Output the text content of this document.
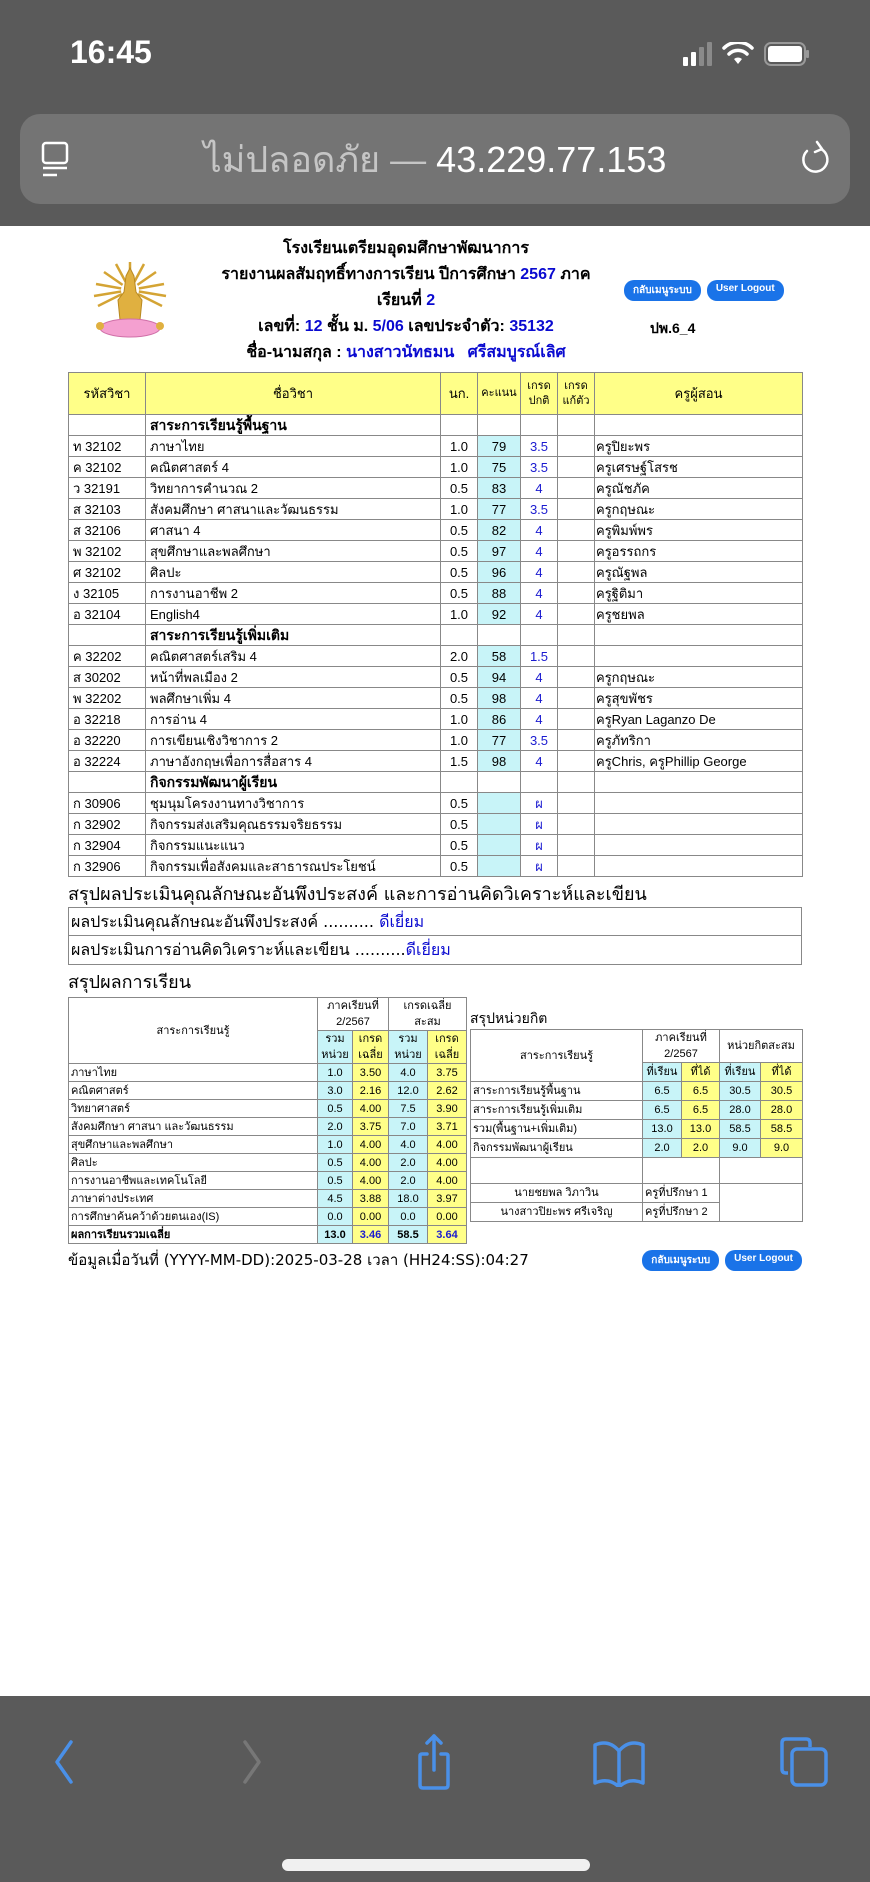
16:45
ไม่ปลอดภัย — 43.229.77.153
โรงเรียนเตรียมอุดมศึกษาพัฒนาการ
รายงานผลสัมฤทธิ์ทางการเรียน ปีการศึกษา 2567 ภาค
เรียนที่ 2
เลขที่: 12 ชั้น ม. 5/06 เลขประจำตัว: 35132
ชื่อ-นามสกุล : นางสาวนัทธมน   ศรีสมบูรณ์เลิศ
กลับเมนูระบบ	User Logout
ปพ.6_4
รหัสวิชา	ชื่อวิชา	นก.	คะแนน	เกรด ปกติ	เกรด แก้ตัว	ครูผู้สอน
	สาระการเรียนรู้พื้นฐาน					
ท 32102	ภาษาไทย	1.0	79	3.5		ครูปิยะพร
ค 32102	คณิตศาสตร์ 4	1.0	75	3.5		ครูเศรษฐ์โสรช
ว 32191	วิทยาการคำนวณ 2	0.5	83	4		ครูณัชภัค
ส 32103	สังคมศึกษา ศาสนาและวัฒนธรรม	1.0	77	3.5		ครูกฤษณะ
ส 32106	ศาสนา 4	0.5	82	4		ครูพิมพ์พร
พ 32102	สุขศึกษาและพลศึกษา	0.5	97	4		ครูอรรถกร
ศ 32102	ศิลปะ	0.5	96	4		ครูณัฐพล
ง 32105	การงานอาชีพ 2	0.5	88	4		ครูฐิติมา
อ 32104	English4	1.0	92	4		ครูชยพล
	สาระการเรียนรู้เพิ่มเติม					
ค 32202	คณิตศาสตร์เสริม 4	2.0	58	1.5		
ส 30202	หน้าที่พลเมือง 2	0.5	94	4		ครูกฤษณะ
พ 32202	พลศึกษาเพิ่ม 4	0.5	98	4		ครูสุขพัชร
อ 32218	การอ่าน 4	1.0	86	4		ครูRyan Laganzo De
อ 32220	การเขียนเชิงวิชาการ 2	1.0	77	3.5		ครูภัทริกา
อ 32224	ภาษาอังกฤษเพื่อการสื่อสาร 4	1.5	98	4		ครูChris, ครูPhillip George
	กิจกรรมพัฒนาผู้เรียน					
ก 30906	ชุมนุมโครงงานทางวิชาการ	0.5		ผ		
ก 32902	กิจกรรมส่งเสริมคุณธรรมจริยธรรม	0.5		ผ		
ก 32904	กิจกรรมแนะแนว	0.5		ผ		
ก 32906	กิจกรรมเพื่อสังคมและสาธารณประโยชน์	0.5		ผ		
สรุปผลประเมินคุณลักษณะอันพึงประสงค์ และการอ่านคิดวิเคราะห์และเขียน
ผลประเมินคุณลักษณะอันพึงประสงค์ .......... ดีเยี่ยม
ผลประเมินการอ่านคิดวิเคราะห์และเขียน ..........ดีเยี่ยม
สรุปผลการเรียน
สาระการเรียนรู้	ภาคเรียนที่ 2/2567		เกรดเฉลี่ย สะสม	
	รวม หน่วย	เกรด เฉลี่ย	รวม หน่วย	เกรด เฉลี่ย
ภาษาไทย	1.0	3.50	4.0	3.75
คณิตศาสตร์	3.0	2.16	12.0	2.62
วิทยาศาสตร์	0.5	4.00	7.5	3.90
สังคมศึกษา ศาสนา และวัฒนธรรม	2.0	3.75	7.0	3.71
สุขศึกษาและพลศึกษา	1.0	4.00	4.0	4.00
ศิลปะ	0.5	4.00	2.0	4.00
การงานอาชีพและเทคโนโลยี	0.5	4.00	2.0	4.00
ภาษาต่างประเทศ	4.5	3.88	18.0	3.97
การศึกษาค้นคว้าด้วยตนเอง(IS)	0.0	0.00	0.0	0.00
ผลการเรียนรวมเฉลี่ย	13.0	3.46	58.5	3.64
สรุปหน่วยกิต
สาระการเรียนรู้	ภาคเรียนที่ 2/2567		หน่วยกิตสะสม	
	ที่เรียน	ที่ได้	ที่เรียน	ที่ได้
สาระการเรียนรู้พื้นฐาน	6.5	6.5	30.5	30.5
สาระการเรียนรู้เพิ่มเติม	6.5	6.5	28.0	28.0
รวม(พื้นฐาน+เพิ่มเติม)	13.0	13.0	58.5	58.5
กิจกรรมพัฒนาผู้เรียน	2.0	2.0	9.0	9.0

นายชยพล วิภาวิน	ครูที่ปรึกษา 1			
นางสาวปิยะพร ศรีเจริญ	ครูที่ปรึกษา 2			
ข้อมูลเมื่อวันที่ (YYYY-MM-DD):2025-03-28 เวลา (HH24:SS):04:27	กลับเมนูระบบ	User Logout
